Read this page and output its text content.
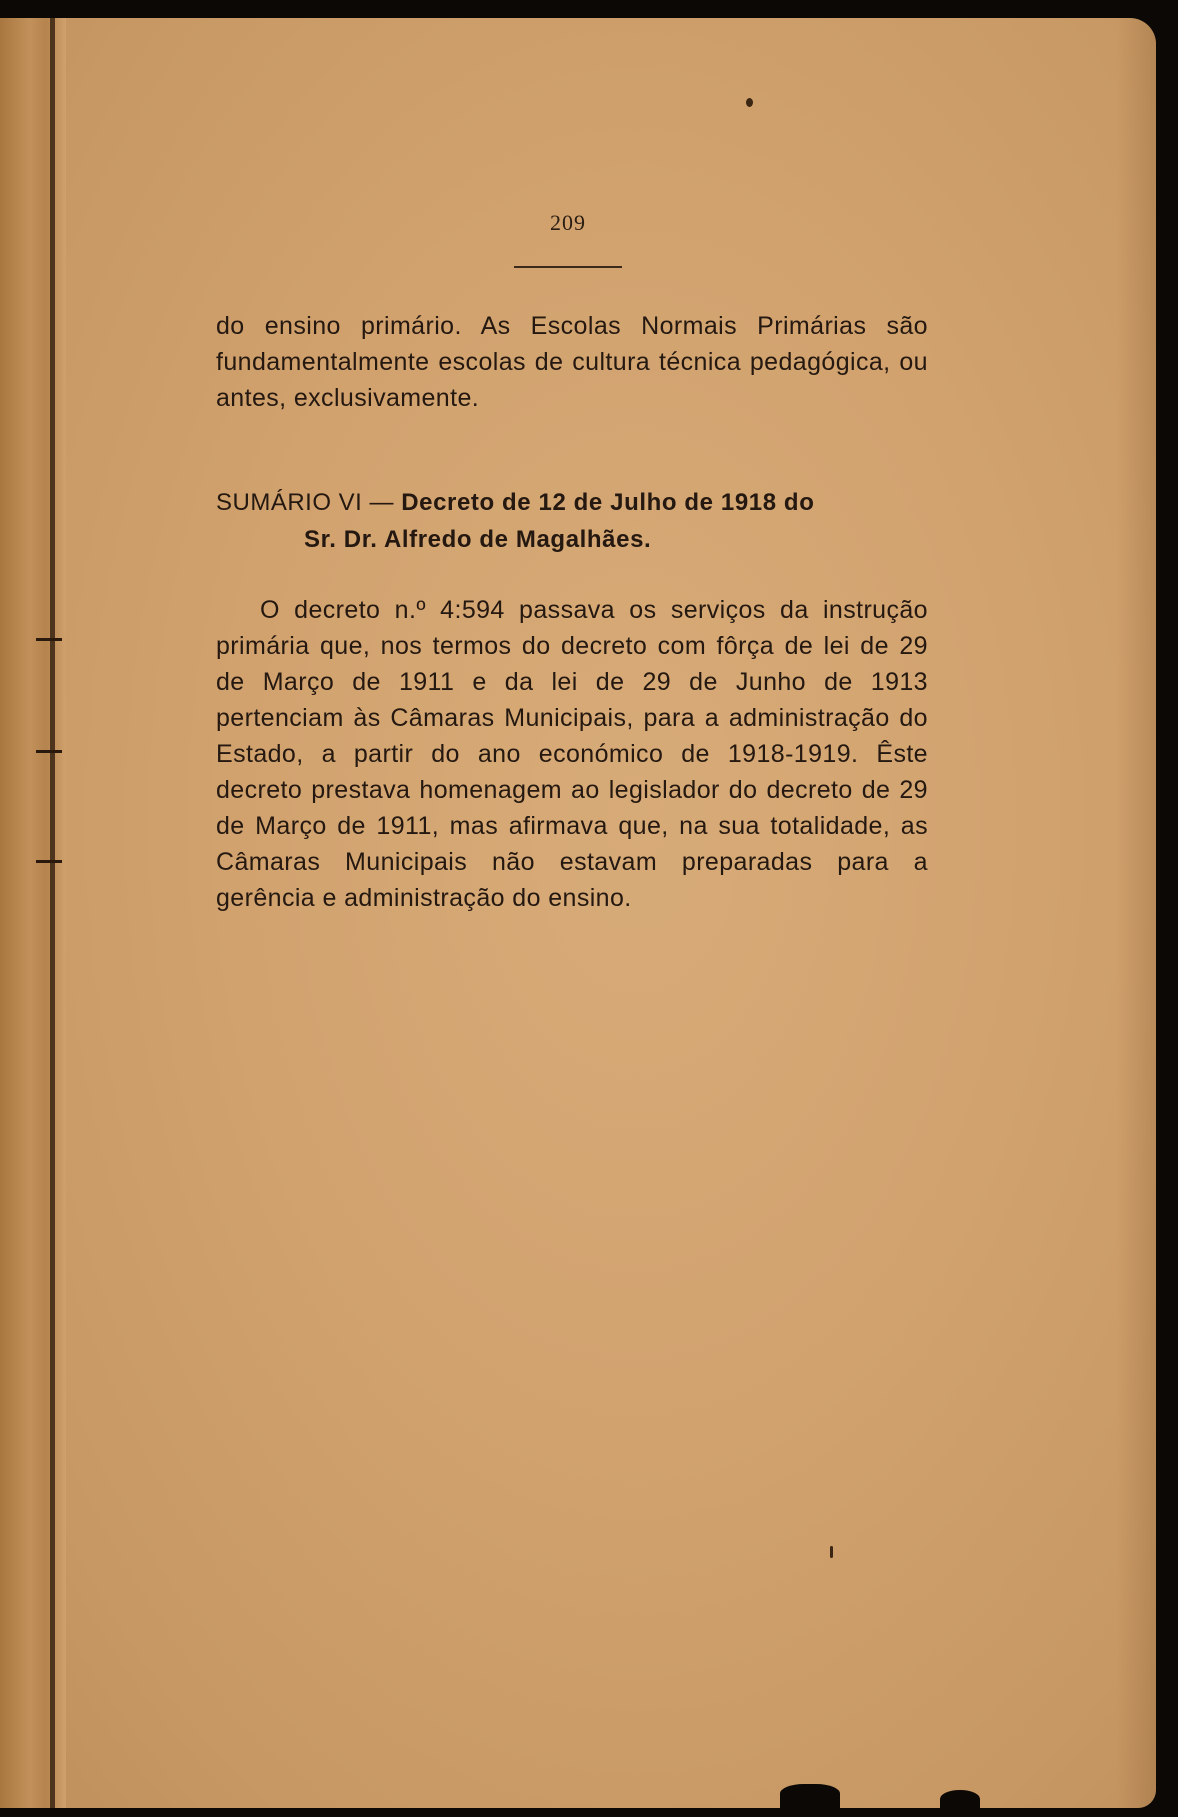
209

do ensino primário. As Escolas Normais Primárias são fundamentalmente escolas de cultura técnica pedagógica, ou antes, exclusivamente.

SUMÁRIO VI — Decreto de 12 de Julho de 1918 do
Sr. Dr. Alfredo de Magalhães.

O decreto n.º 4:594 passava os serviços da instrução primária que, nos termos do decreto com fôrça de lei de 29 de Março de 1911 e da lei de 29 de Junho de 1913 pertenciam às Câmaras Municipais, para a administração do Estado, a partir do ano económico de 1918-1919. Êste decreto prestava homenagem ao legislador do decreto de 29 de Março de 1911, mas afirmava que, na sua totalidade, as Câmaras Municipais não estavam preparadas para a gerência e administração do ensino.
